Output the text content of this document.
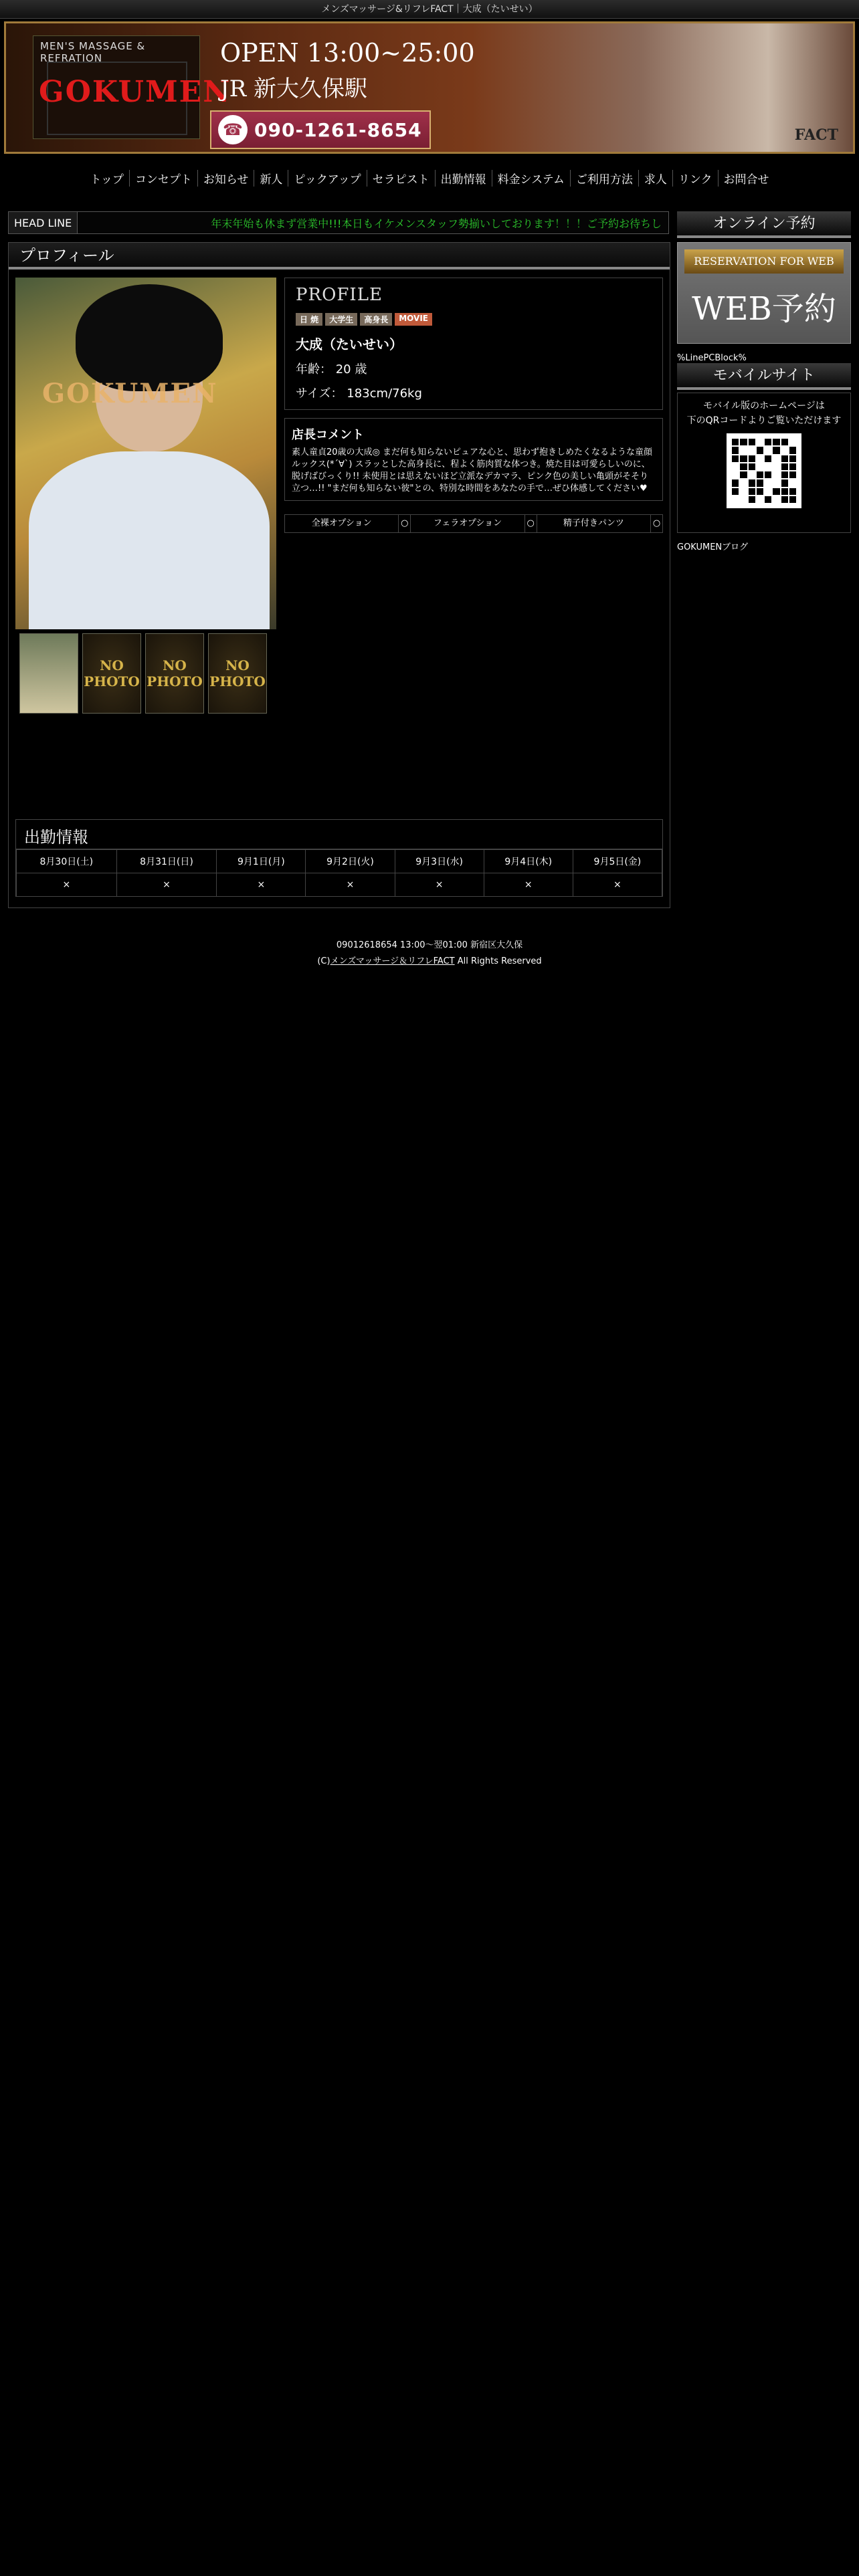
メンズマッサージ&リフレFACT｜大成（たいせい）
MEN'S MASSAGE & REFRATION
GOKUMEN
OPEN 13:00~25:00
JR 新大久保駅
☎ 090-1261-8654	FACT
トップ コンセプト お知らせ 新人 ピックアップ セラピスト 出勤情報 料金システム ご利用方法 求人 リンク お問合せ
HEAD LINE	年末年始も休まず営業中!!!本日もイケメンスタッフ勢揃いしております！！！ご予約お待ちし
プロフィール
GOKUMEN
NO PHOTO
NO PHOTO
NO PHOTO
PROFILE
日 焼	大学生	高身長	MOVIE
大成（たいせい）
年齢： 20 歳
サイズ： 183cm/76kg
店長コメント
素人童貞20歳の大成◎ まだ何も知らないピュアな心と、思わず抱きしめたくなるような童顔ルックス(*´∀`) スラッとした高身長に、程よく筋肉質な体つき。焼た目は可愛らしいのに、脱げばびっくり!! 未使用とは思えないほど立派なデカマラ、ピンク色の美しい亀頭がそそり立つ…!! "まだ何も知らない彼"との、特別な時間をあなたの手で…ぜひ体感してください♥
全裸オプション	○	フェラオプション	○	精子付きパンツ	○
出勤情報
8月30日(土)	8月31日(日)	9月1日(月)	9月2日(火)	9月3日(水)	9月4日(木)	9月5日(金)
×	×	×	×	×	×	×
オンライン予約
RESERVATION FOR WEB
WEB予約
%LinePCBlock%
モバイルサイト
モバイル版のホームページは
下のQRコードよりご覧いただけます
GOKUMENブログ
09012618654 13:00〜翌01:00 新宿区大久保
(C)メンズマッサージ＆リフレFACT All Rights Reserved
